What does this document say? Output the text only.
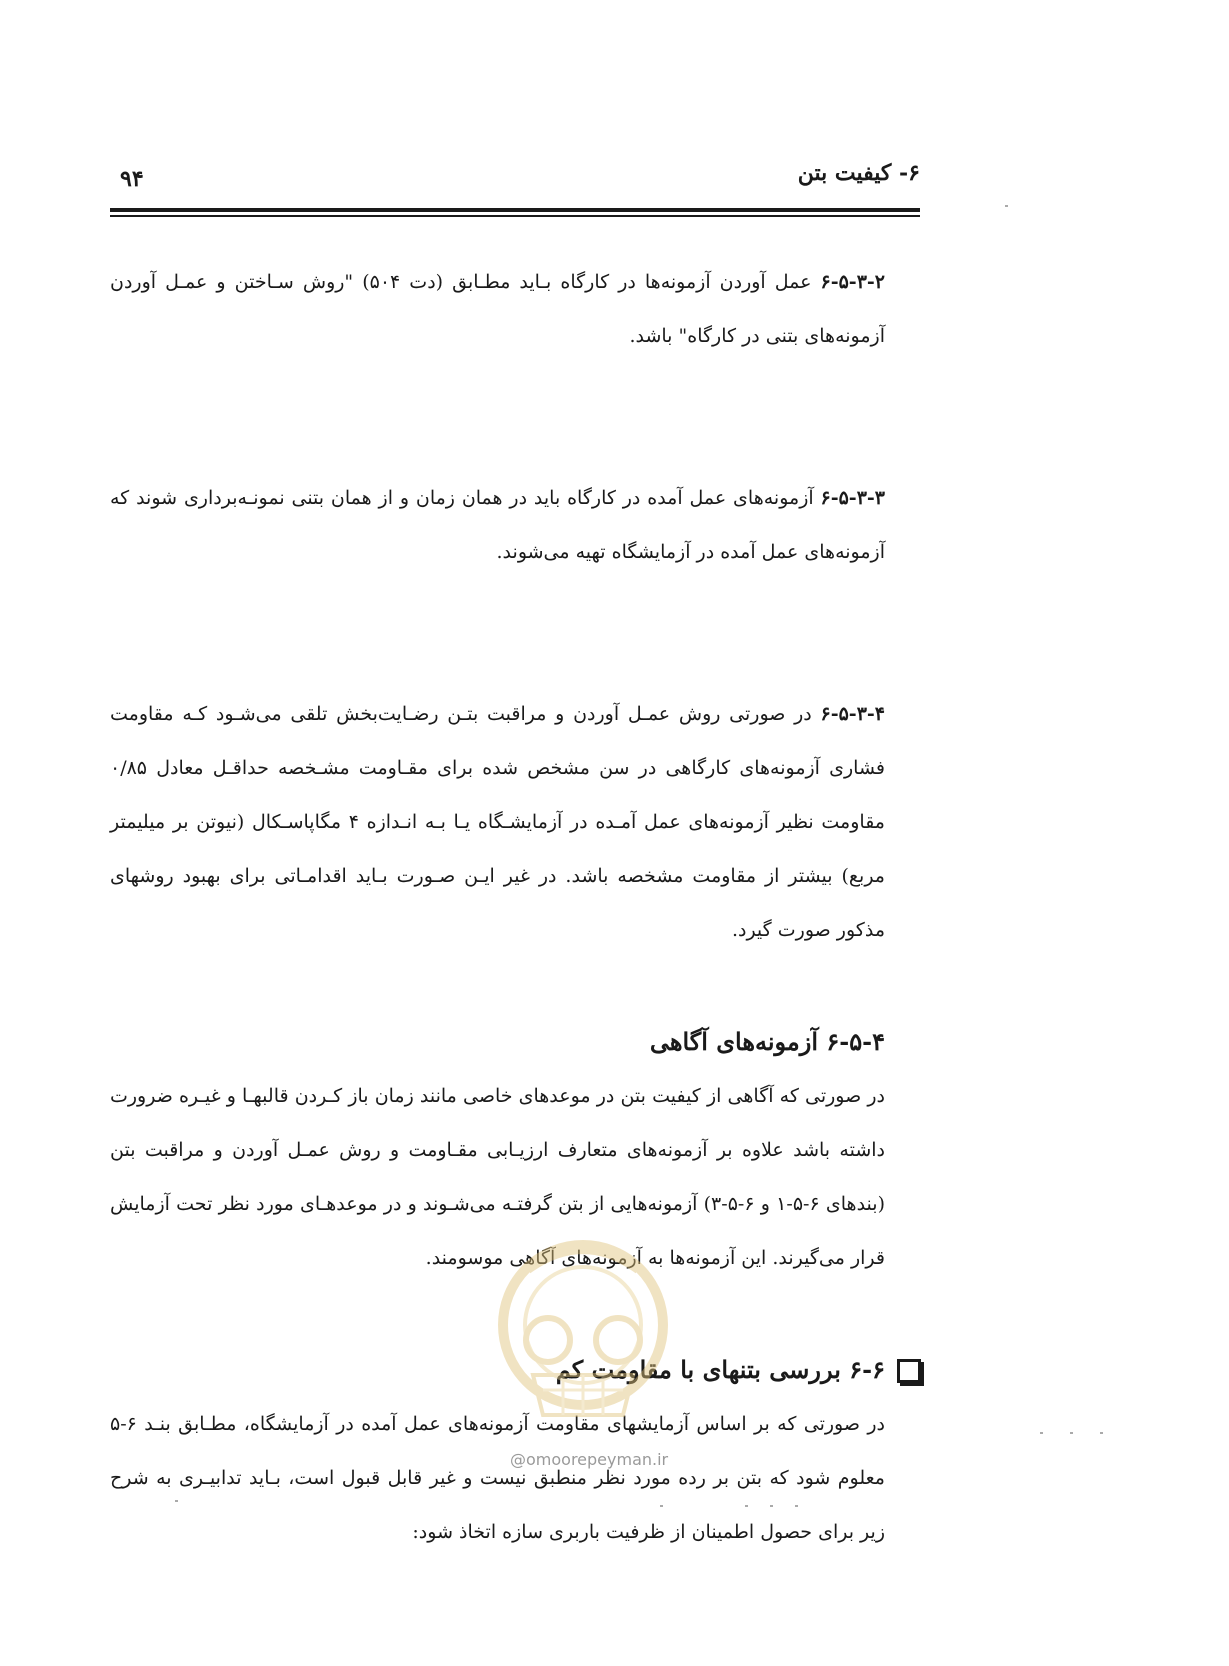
۶- کیفیت بتن
۹۴

۶-۵-۳-۲ عمل آوردن آزمونه‌ها در کارگاه بـاید مطـابق (دت ۵۰۴) "روش سـاختن و عمـل آوردن آزمونه‌های بتنی در کارگاه" باشد.

۶-۵-۳-۳ آزمونه‌های عمل آمده در کارگاه باید در همان زمان و از همان بتنی نمونـه‌برداری شوند که آزمونه‌های عمل آمده در آزمایشگاه تهیه می‌شوند.

۶-۵-۳-۴ در صورتی روش عمـل آوردن و مراقبت بتـن رضـایت‌بخش تلقی می‌شـود کـه مقاومت فشاری آزمونه‌های کارگاهی در سن مشخص شده برای مقـاومت مشـخصه حداقـل معادل ۰/۸۵ مقاومت نظیر آزمونه‌های عمل آمـده در آزمایشـگاه یـا بـه انـدازه ۴ مگاپاسـکال (نیوتن بر میلیمتر مربع) بیشتر از مقاومت مشخصه باشد. در غیر ایـن صـورت بـاید اقدامـاتی برای بهبود روشهای مذکور صورت گیرد.

۶-۵-۴ آزمونه‌های آگاهی

در صورتی که آگاهی از کیفیت بتن در موعدهای خاصی مانند زمان باز کـردن قالبهـا و غیـره ضرورت داشته باشد علاوه بر آزمونه‌های متعارف ارزیـابی مقـاومت و روش عمـل آوردن و مراقبت بتن (بندهای ۶-۵-۱ و ۶-۵-۳) آزمونه‌هایی از بتن گرفتـه می‌شـوند و در موعدهـای مورد نظر تحت آزمایش قرار می‌گیرند. این آزمونه‌ها به آزمونه‌های آگاهی موسومند.

۶-۶ بررسی بتنهای با مقاومت کم

در صورتی که بر اساس آزمایشهای مقاومت آزمونه‌های عمل آمده در آزمایشگاه، مطـابق بنـد ۶-۵ معلوم شود که بتن بر رده مورد نظر منطبق نیست و غیر قابل قبول است، بـاید تدابیـری به شرح زیر برای حصول اطمینان از ظرفیت باربری سازه اتخاذ شود:

@omoorepeyman.ir
